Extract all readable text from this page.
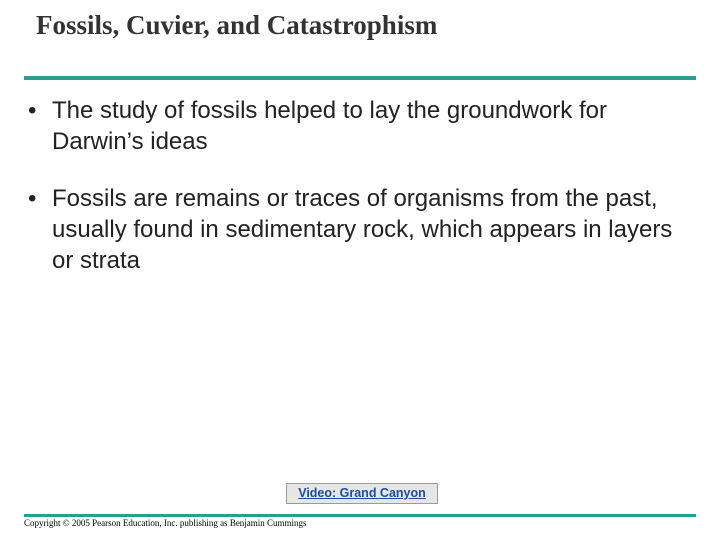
Fossils, Cuvier, and Catastrophism
• The study of fossils helped to lay the groundwork for Darwin’s ideas
• Fossils are remains or traces of organisms from the past, usually found in sedimentary rock, which appears in layers or strata
Video: Grand Canyon
Copyright © 2005 Pearson Education, Inc. publishing as Benjamin Cummings
